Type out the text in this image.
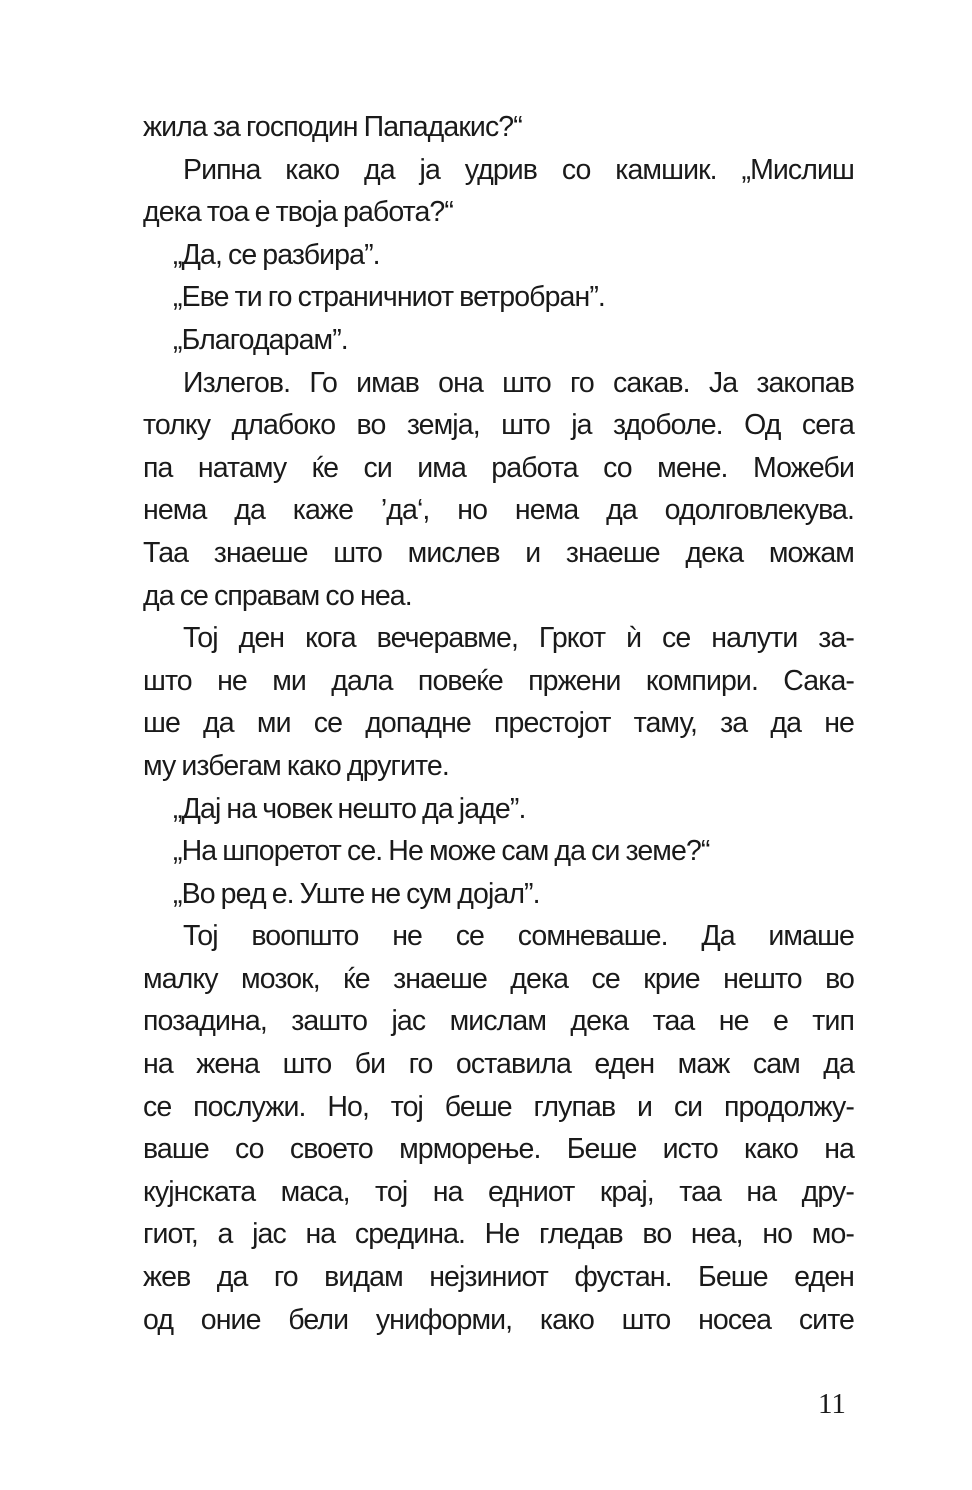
жила за господин Пападакис?“
Рипна како да ја удрив со камшик. „Мислиш
дека тоа е твоја работа?“
„Да, се разбира”.
„Еве ти го страничниот ветробран”.
„Благодарам”.
Излегов. Го имав она што го сакав. Ја закопав
толку длабоко во земја, што ја здоболе. Од сега
па натаму ќе си има работа со мене. Можеби
нема да каже ’да‘, но нема да одолговлекува.
Таа знаеше што мислев и знаеше дека можам
да се справам со неа.
Тој ден кога вечеравме, Гркот ѝ се налути за-
што не ми дала повеќе пржени компири. Сака-
ше да ми се допадне престојот таму, за да не
му избегам како другите.
„Дај на човек нешто да јаде”.
„На шпоретот се. Не може сам да си земе?“
„Во ред е. Уште не сум дојал”.
Тој воопшто не се сомневаше. Да имаше
малку мозок, ќе знаеше дека се крие нешто во
позадина, зашто јас мислам дека таа не е тип
на жена што би го оставила еден маж сам да
се послужи. Но, тој беше глупав и си продолжу-
ваше со своето мрморење. Беше исто како на
кујнската маса, тој на едниот крај, таа на дру-
гиот, а јас на средина. Не гледав во неа, но мо-
жев да го видам нејзиниот фустан. Беше еден
од оние бели униформи, како што носеа сите
11
